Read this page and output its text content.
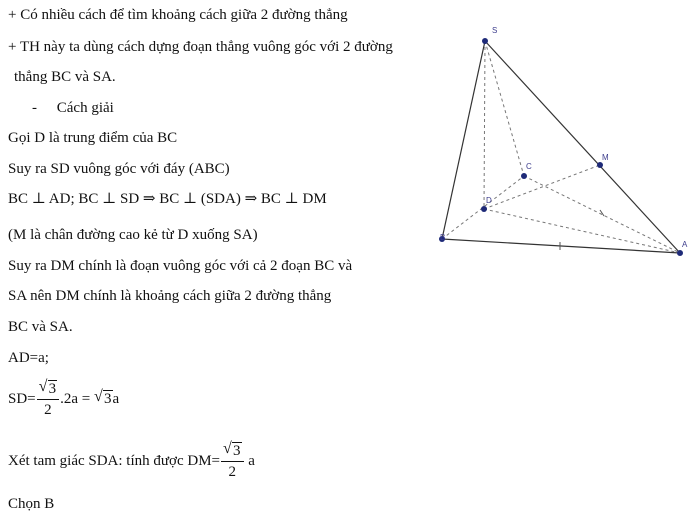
+ Có nhiều cách để tìm khoảng cách giữa 2 đường thẳng
+ TH này ta dùng cách dựng đoạn thẳng vuông góc với 2 đường
thẳng BC và SA.
- Cách giải
Gọi D là trung điểm của BC
Suy ra SD vuông góc với đáy (ABC)
BC ⊥ AD; BC ⊥ SD ⇒ BC ⊥ (SDA) ⇒ BC ⊥ DM
(M là chân đường cao kẻ từ D xuống SA)
Suy ra DM chính là đoạn vuông góc với cả 2 đoạn BC và
SA nên DM chính là khoảng cách giữa 2 đường thẳng
BC và SA.
AD=a;
$SD= \frac{√ 3}{2} .2a$ = √ 3a
Xét tam giác SDA: tính được $DM= \frac{√ 3}{2}$ a
Chọn B
S
M
C
D
B
A
